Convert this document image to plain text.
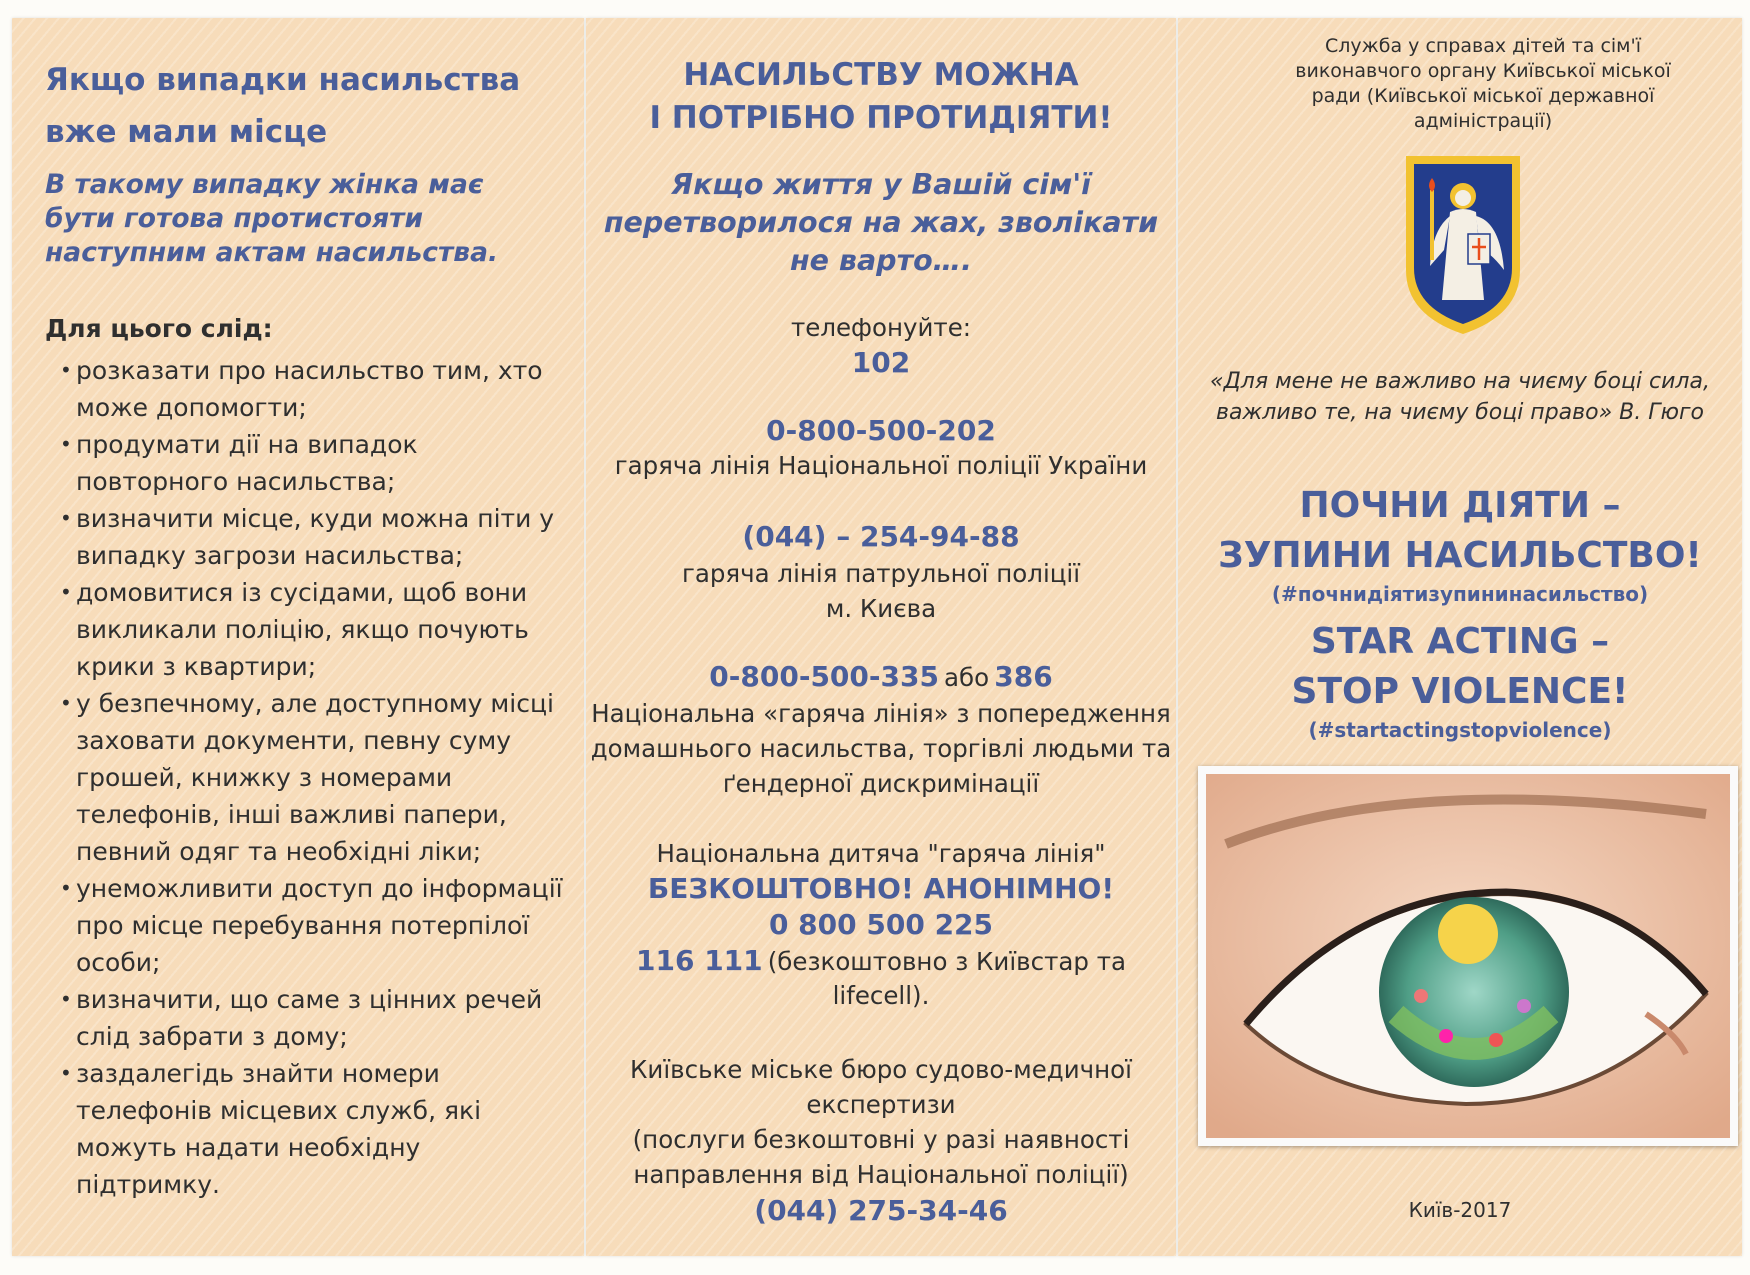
Якщо випадки насильства вже мали місце
В такому випадку жінка має бути готова протистояти наступним актам насильства.
Для цього слід:
• розказати про насильство тим, хто може допомогти;
• продумати дії на випадок повторного насильства;
• визначити місце, куди можна піти у випадку загрози насильства;
• домовитися із сусідами, щоб вони викликали поліцію, якщо почують крики з квартири;
• у безпечному, але доступному місці заховати документи, певну суму грошей, книжку з номерами телефонів, інші важливі папери, певний одяг та необхідні ліки;
• унеможливити доступ до інформації про місце перебування потерпілої особи;
• визначити, що саме з цінних речей слід забрати з дому;
• заздалегідь знайти номери телефонів місцевих служб, які можуть надати необхідну підтримку.
НАСИЛЬСТВУ МОЖНА
І ПОТРІБНО ПРОТИДІЯТИ!
Якщо життя у Вашій сім'ї
перетворилося на жах, зволікати
не варто….
телефонуйте:
102
0-800-500-202
гаряча лінія Національної поліції України
(044) – 254-94-88
гаряча лінія патрульної поліції
м. Києва
0-800-500-335 або 386
Національна «гаряча лінія» з попередження
домашнього насильства, торгівлі людьми та
ґендерної дискримінації
Національна дитяча "гаряча лінія"
БЕЗКОШТОВНО! АНОНІМНО!
0 800 500 225
116 111 (безкоштовно з Київстар та
lifecell).
Київське міське бюро судово-медичної
експертизи
(послуги безкоштовні у разі наявності
направлення від Національної поліції)
(044) 275-34-46
Служба у справах дітей та сім'ї
виконавчого органу Київської міської
ради (Київської міської державної
адміністрації)
«Для мене не важливо на чиєму боці сила,
важливо те, на чиєму боці право» В. Гюго
ПОЧНИ ДІЯТИ –
ЗУПИНИ НАСИЛЬСТВО!
(#почнидіятизупининасильство)
STAR ACTING –
STOP VIOLENCE!
(#startactingstopviolence)
Київ-2017
